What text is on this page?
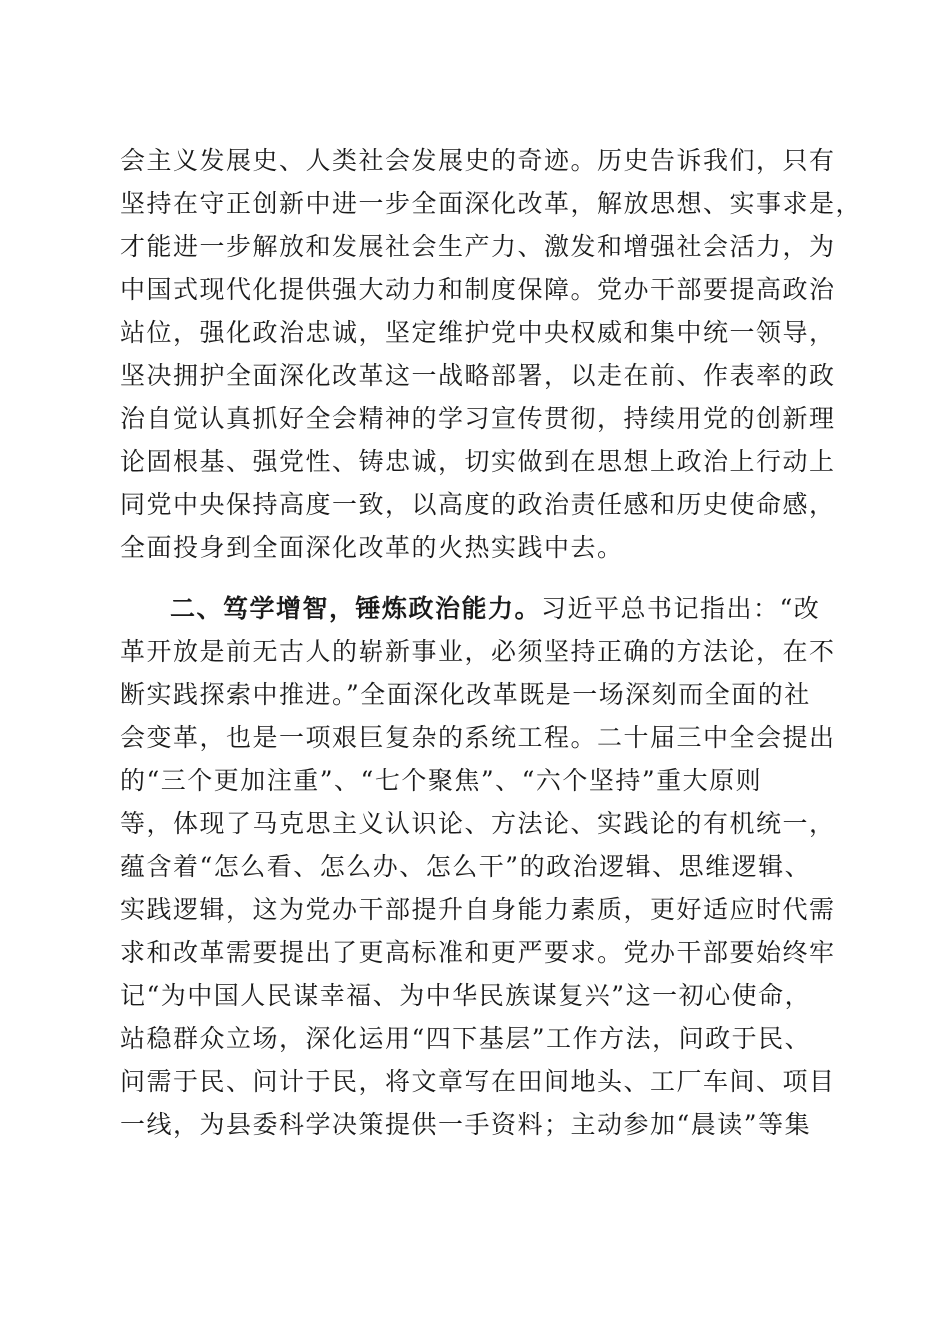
会主义发展史、人类社会发展史的奇迹。历史告诉我们，只有
坚持在守正创新中进一步全面深化改革，解放思想、实事求是，
才能进一步解放和发展社会生产力、激发和增强社会活力，为
中国式现代化提供强大动力和制度保障。党办干部要提高政治
站位，强化政治忠诚，坚定维护党中央权威和集中统一领导，
坚决拥护全面深化改革这一战略部署，以走在前、作表率的政
治自觉认真抓好全会精神的学习宣传贯彻，持续用党的创新理
论固根基、强党性、铸忠诚，切实做到在思想上政治上行动上
同党中央保持高度一致，以高度的政治责任感和历史使命感，
全面投身到全面深化改革的火热实践中去。
二、笃学增智，锤炼政治能力。习近平总书记指出：“改
革开放是前无古人的崭新事业，必须坚持正确的方法论，在不
断实践探索中推进。”全面深化改革既是一场深刻而全面的社
会变革，也是一项艰巨复杂的系统工程。二十届三中全会提出
的“三个更加注重”、“七个聚焦”、“六个坚持”重大原则
等，体现了马克思主义认识论、方法论、实践论的有机统一，
蕴含着“怎么看、怎么办、怎么干”的政治逻辑、思维逻辑、
实践逻辑，这为党办干部提升自身能力素质，更好适应时代需
求和改革需要提出了更高标准和更严要求。党办干部要始终牢
记“为中国人民谋幸福、为中华民族谋复兴”这一初心使命，
站稳群众立场，深化运用“四下基层”工作方法，问政于民、
问需于民、问计于民，将文章写在田间地头、工厂车间、项目
一线，为县委科学决策提供一手资料；主动参加“晨读”等集
